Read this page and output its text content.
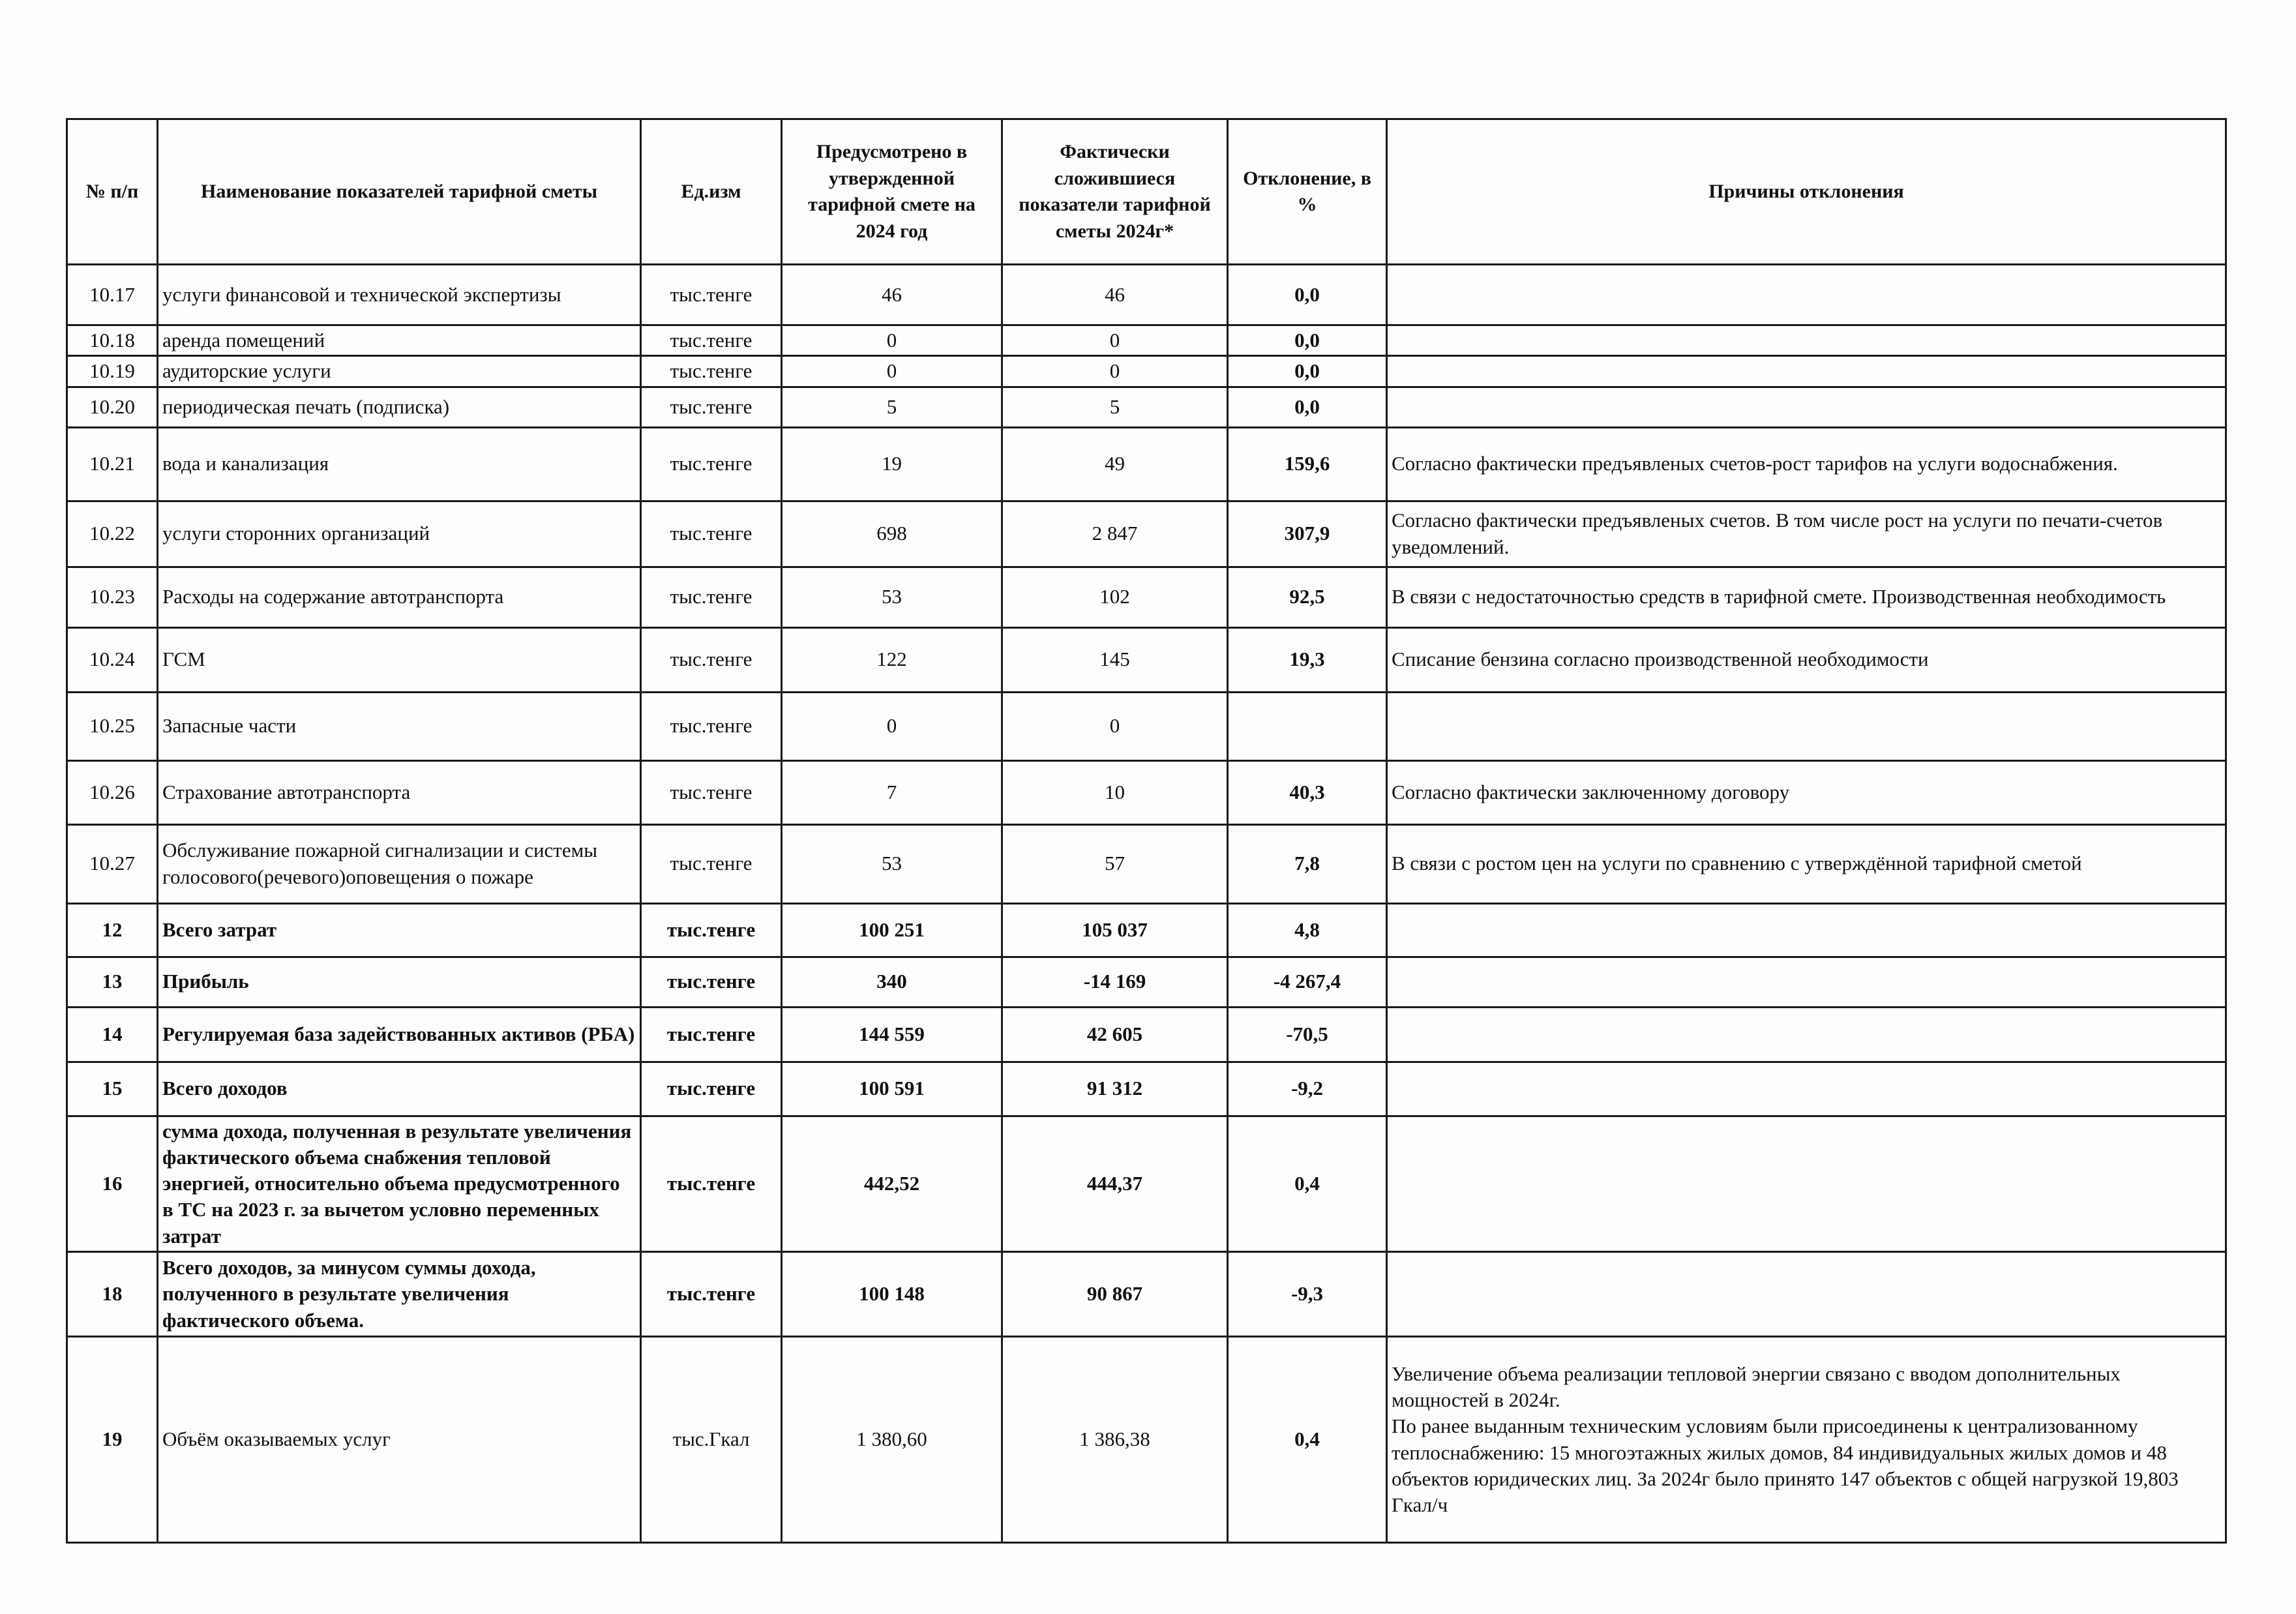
№ п/п	Наименование показателей тарифной сметы	Ед.изм	Предусмотрено в утвержденной тарифной смете на 2024 год	Фактически сложившиеся показатели тарифной сметы 2024г*	Отклонение, в %	Причины отклонения
10.17	услуги финансовой и технической экспертизы	тыс.тенге	46	46	0,0	
10.18	аренда помещений	тыс.тенге	0	0	0,0	
10.19	аудиторские услуги	тыс.тенге	0	0	0,0	
10.20	периодическая печать (подписка)	тыс.тенге	5	5	0,0	
10.21	вода и канализация	тыс.тенге	19	49	159,6	Согласно фактически предъявленых счетов-рост тарифов на услуги водоснабжения.
10.22	услуги сторонних организаций	тыс.тенге	698	2 847	307,9	Согласно фактически предъявленых счетов. В том числе рост на услуги по печати-счетов уведомлений.
10.23	Расходы на содержание автотранспорта	тыс.тенге	53	102	92,5	В связи с недостаточностью средств в тарифной смете. Производственная необходимость
10.24	ГСМ	тыс.тенге	122	145	19,3	Списание бензина согласно производственной необходимости
10.25	Запасные части	тыс.тенге	0	0		
10.26	Страхование автотранспорта	тыс.тенге	7	10	40,3	Согласно фактически заключенному договору
10.27	Обслуживание пожарной сигнализации и системы голосового(речевого)оповещения о пожаре	тыс.тенге	53	57	7,8	В связи с ростом цен на услуги по сравнению с утверждённой тарифной сметой
12	Всего затрат	тыс.тенге	100 251	105 037	4,8	
13	Прибыль	тыс.тенге	340	-14 169	-4 267,4	
14	Регулируемая база задействованных активов (РБА)	тыс.тенге	144 559	42 605	-70,5	
15	Всего доходов	тыс.тенге	100 591	91 312	-9,2	
16	сумма дохода, полученная в результате увеличения фактического объема снабжения тепловой энергией, относительно объема предусмотренного в ТС на 2023 г. за вычетом условно переменных затрат	тыс.тенге	442,52	444,37	0,4	
18	Всего доходов, за минусом суммы дохода, полученного в результате увеличения фактического объема.	тыс.тенге	100 148	90 867	-9,3	
19	Объём оказываемых услуг	тыс.Гкал	1 380,60	1 386,38	0,4	Увеличение объема реализации тепловой энергии связано с вводом дополнительных мощностей в 2024г.
По ранее выданным техническим условиям были присоединены к централизованному теплоснабжению: 15 многоэтажных жилых домов, 84 индивидуальных жилых домов и 48 объектов юридических лиц. За 2024г было принято 147 объектов с общей нагрузкой 19,803 Гкал/ч
